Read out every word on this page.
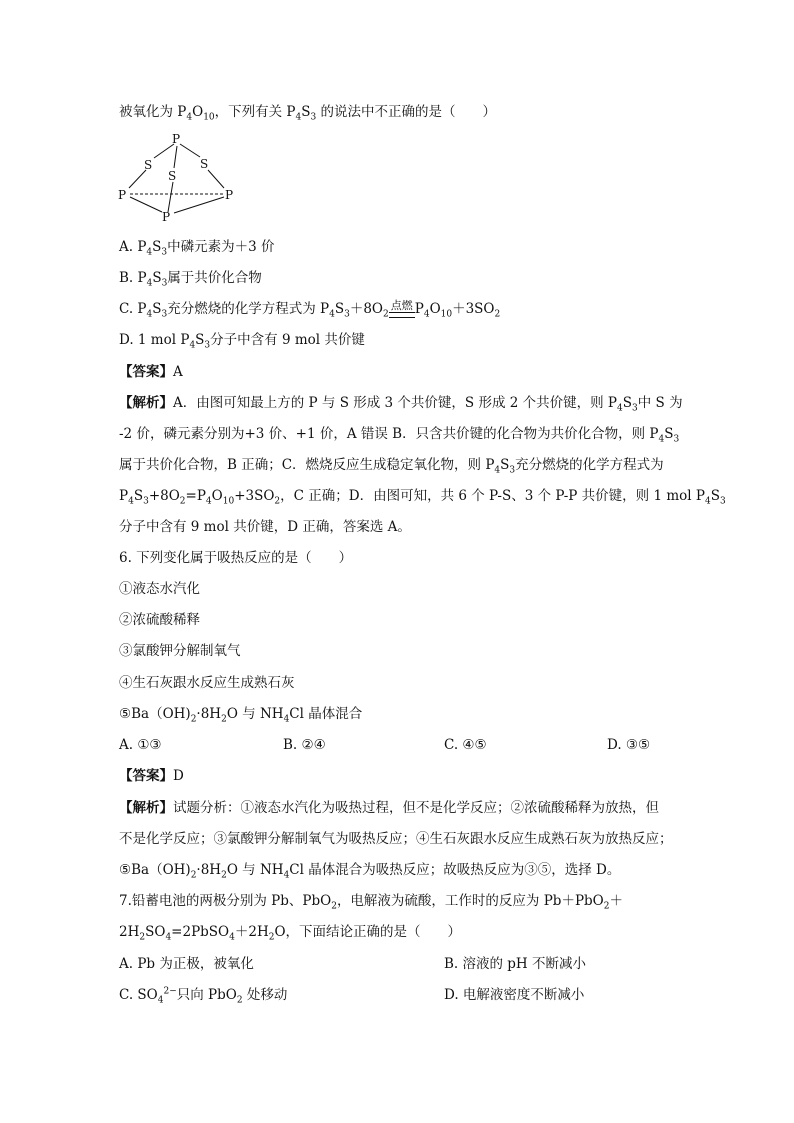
被氧化为 $P_4O_{10}$，下列有关 $P_4S_3$ 的说法中不正确的是（　　）
P
S
S
S
P	P
P
A. $P_4S_3$中磷元素为＋3 价
B. $P_4S_3$属于共价化合物
C. $P_4S_3$充分燃烧的化学方程式为 $P_4S_3+8O_2^{点燃}$ $P_4O_{10}+3SO_2$
D. 1 mol $P_4S_3$分子中含有 9 mol 共价键
【答案】A
【解析】A．由图可知最上方的 P 与 S 形成 3 个共价键，S 形成 2 个共价键，则 $P_4S_3$中 S 为
-2 价，磷元素分别为+3 价、+1 价，A 错误 B．只含共价键的化合物为共价化合物，则 $P_4S_3$
属于共价化合物，B 正确；C．燃烧反应生成稳定氧化物，则 $P_4S_3$充分燃烧的化学方程式为
$P_4S_3+8O_2=P_4O_{10}+3SO_2$，C 正确；D．由图可知，共 6 个 P-S、3 个 P-P 共价键，则 1 mol $P_4S_3$
分子中含有 9 mol 共价键，D 正确，答案选 A。
6. 下列变化属于吸热反应的是（　　）
①液态水汽化
②浓硫酸稀释
③氯酸钾分解制氧气
④生石灰跟水反应生成熟石灰
$⑤Ba(OH)_2\cdot 8H_2O$ 与 $NH_4Cl$ 晶体混合
A. ①③	B. ②④	C. ④⑤	D. ③⑤
【答案】D
【解析】试题分析：①液态水汽化为吸热过程，但不是化学反应；②浓硫酸稀释为放热，但
不是化学反应；③氯酸钾分解制氧气为吸热反应；④生石灰跟水反应生成熟石灰为放热反应；
$⑤Ba(OH)_2\cdot 8H_2O$ 与 $NH_4Cl$ 晶体混合为吸热反应；故吸热反应为③⑤，选择 D。
7.铅蓄电池的两极分别为 Pb、PbO$_2$，电解液为硫酸，工作时的反应为 Pb＋PbO$_2$＋
$2H_2SO_4=2PbSO_4+2H_2O$，下面结论正确的是（　　）
A. Pb 为正极，被氧化	B. 溶液的 pH 不断减小
C. $SO_4^{2-}$只向 PbO$_2$ 处移动	D. 电解液密度不断减小
